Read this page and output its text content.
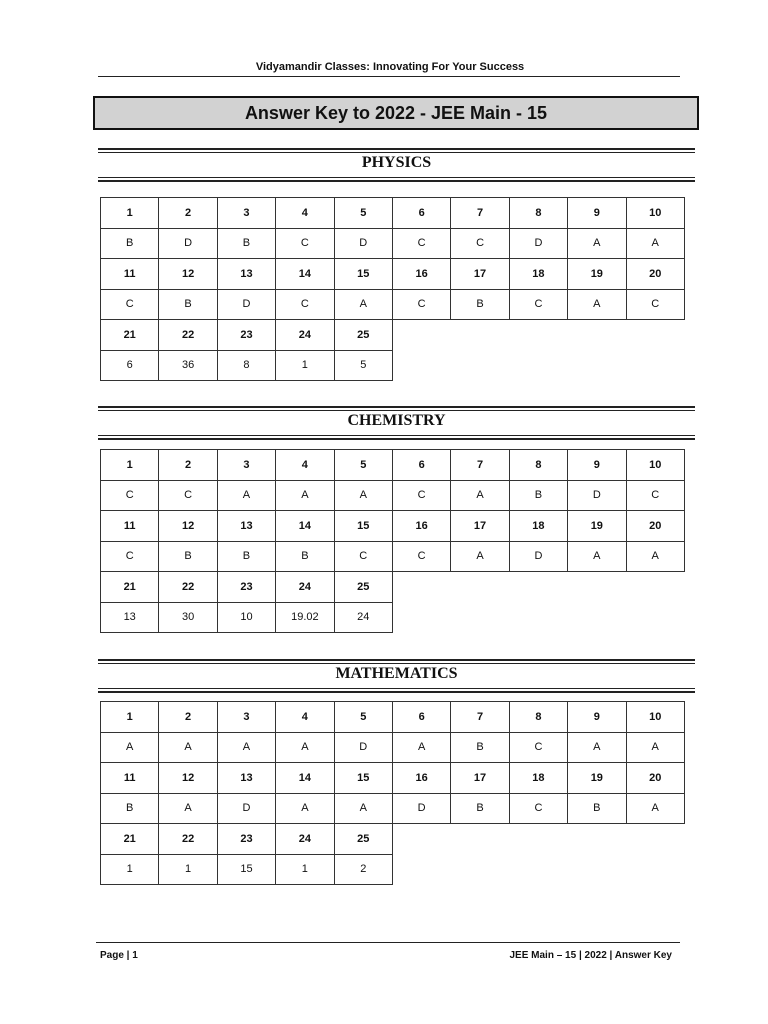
Vidyamandir Classes: Innovating For Your Success
Answer Key to 2022 - JEE Main - 15
PHYSICS
1	2	3	4	5	6	7	8	9	10
B	D	B	C	D	C	C	D	A	A
11	12	13	14	15	16	17	18	19	20
C	B	D	C	A	C	B	C	A	C
21	22	23	24	25					
6	36	8	1	5					
CHEMISTRY
1	2	3	4	5	6	7	8	9	10
C	C	A	A	A	C	A	B	D	C
11	12	13	14	15	16	17	18	19	20
C	B	B	B	C	C	A	D	A	A
21	22	23	24	25					
13	30	10	19.02	24					
MATHEMATICS
1	2	3	4	5	6	7	8	9	10
A	A	A	A	D	A	B	C	A	A
11	12	13	14	15	16	17	18	19	20
B	A	D	A	A	D	B	C	B	A
21	22	23	24	25					
1	1	15	1	2					
Page | 1	JEE Main – 15 | 2022 | Answer Key
